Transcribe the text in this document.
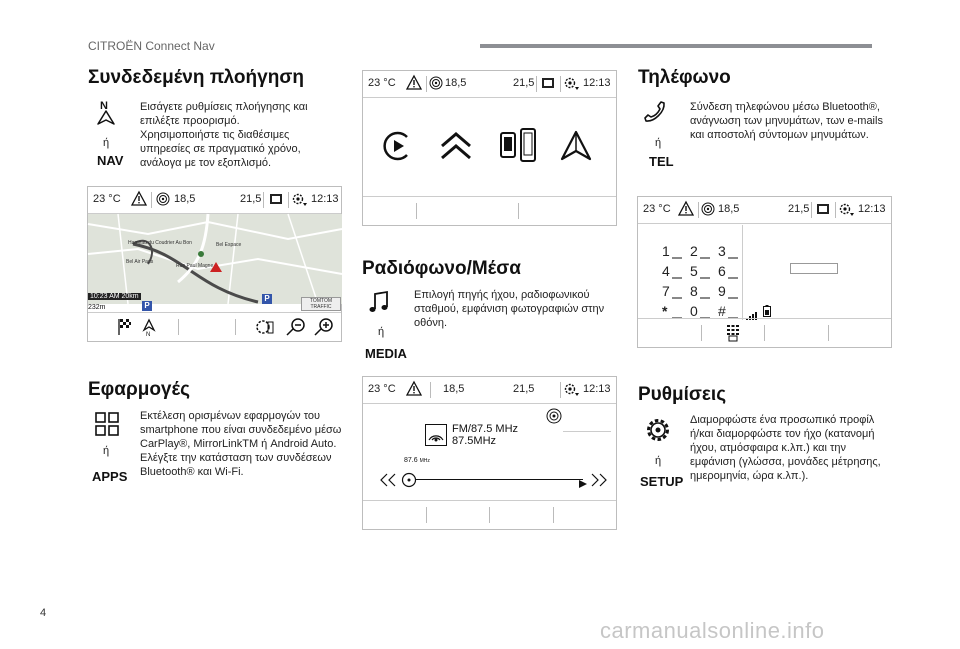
CITROËN Connect Nav
Συνδεδεμένη πλοήγηση
N
ή
NAV
Εισάγετε ρυθμίσεις πλοήγησης και
επιλέξτε προορισμό.
Χρησιμοποιήστε τις διαθέσιμες
υπηρεσίες σε πραγματικό χρόνο,
ανάλογα με τον εξοπλισμό.
23 °C	18,5	21,5	12:13
Hameau du Coudrier Au Bon	Bel Espace
Rue Paul Magne
Bel Air Paris
10:23 AM 20km
232m	P
P	TOMTOM TRAFFIC
N
Εφαρμογές
ή
APPS
Εκτέλεση ορισμένων εφαρμογών του
smartphone που είναι συνδεδεμένο μέσω
CarPlay®, MirrorLinkTM ή Android Auto.
Ελέγξτε την κατάσταση των συνδέσεων
Bluetooth® και Wi-Fi.
23 °C	18,5	21,5	12:13
Ραδιόφωνο/Μέσα
ή
MEDIA
Επιλογή πηγής ήχου, ραδιοφωνικού
σταθμού, εμφάνιση φωτογραφιών στην
οθόνη.
23 °C	18,5	21,5	12:13
FM/87.5 MHz
87.5MHz
87.6 MHz
Τηλέφωνο
ή
TEL
Σύνδεση τηλεφώνου μέσω Bluetooth®,
ανάγνωση των μηνυμάτων, των e-mails
και αποστολή σύντομων μηνυμάτων.
23 °C	18,5	21,5	12:13
1 2 3
4 5 6
7 8 9
* 0 #
Ρυθμίσεις
ή
SETUP
Διαμορφώστε ένα προσωπικό προφίλ
ή/και διαμορφώστε τον ήχο (κατανομή
ήχου, ατμόσφαιρα κ.λπ.) και την
εμφάνιση (γλώσσα, μονάδες μέτρησης,
ημερομηνία, ώρα κ.λπ.).
4
carmanualsonline.info
